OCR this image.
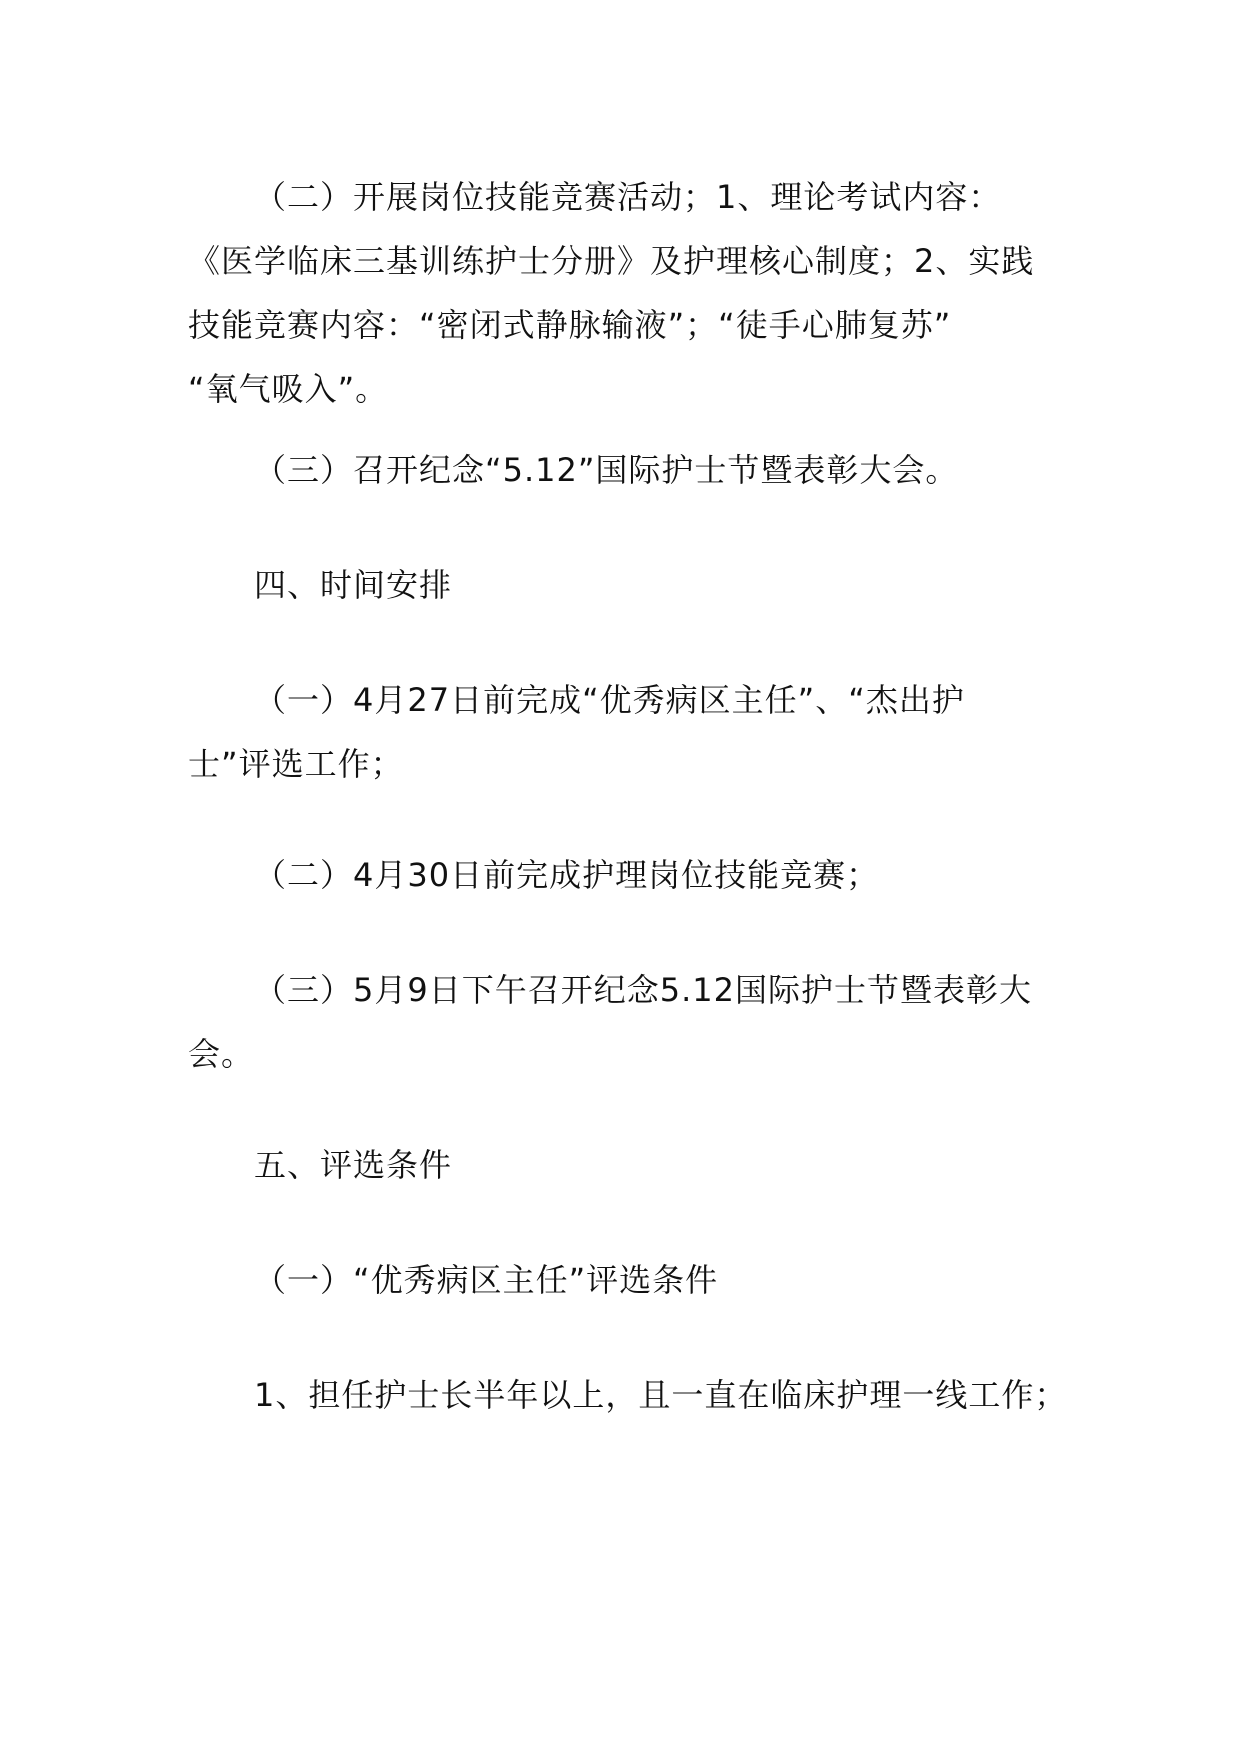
（二）开展岗位技能竞赛活动；1、理论考试内容：
《医学临床三基训练护士分册》及护理核心制度；2、实践
技能竞赛内容：“密闭式静脉输液”；“徒手心肺复苏”
“氧气吸入”。
（三）召开纪念“5.12”国际护士节暨表彰大会。
四、时间安排
（一）4月27日前完成“优秀病区主任”、“杰出护
士”评选工作；
（二）4月30日前完成护理岗位技能竞赛；
（三）5月9日下午召开纪念5.12国际护士节暨表彰大
会。
五、评选条件
（一）“优秀病区主任”评选条件
1、担任护士长半年以上，且一直在临床护理一线工作；
